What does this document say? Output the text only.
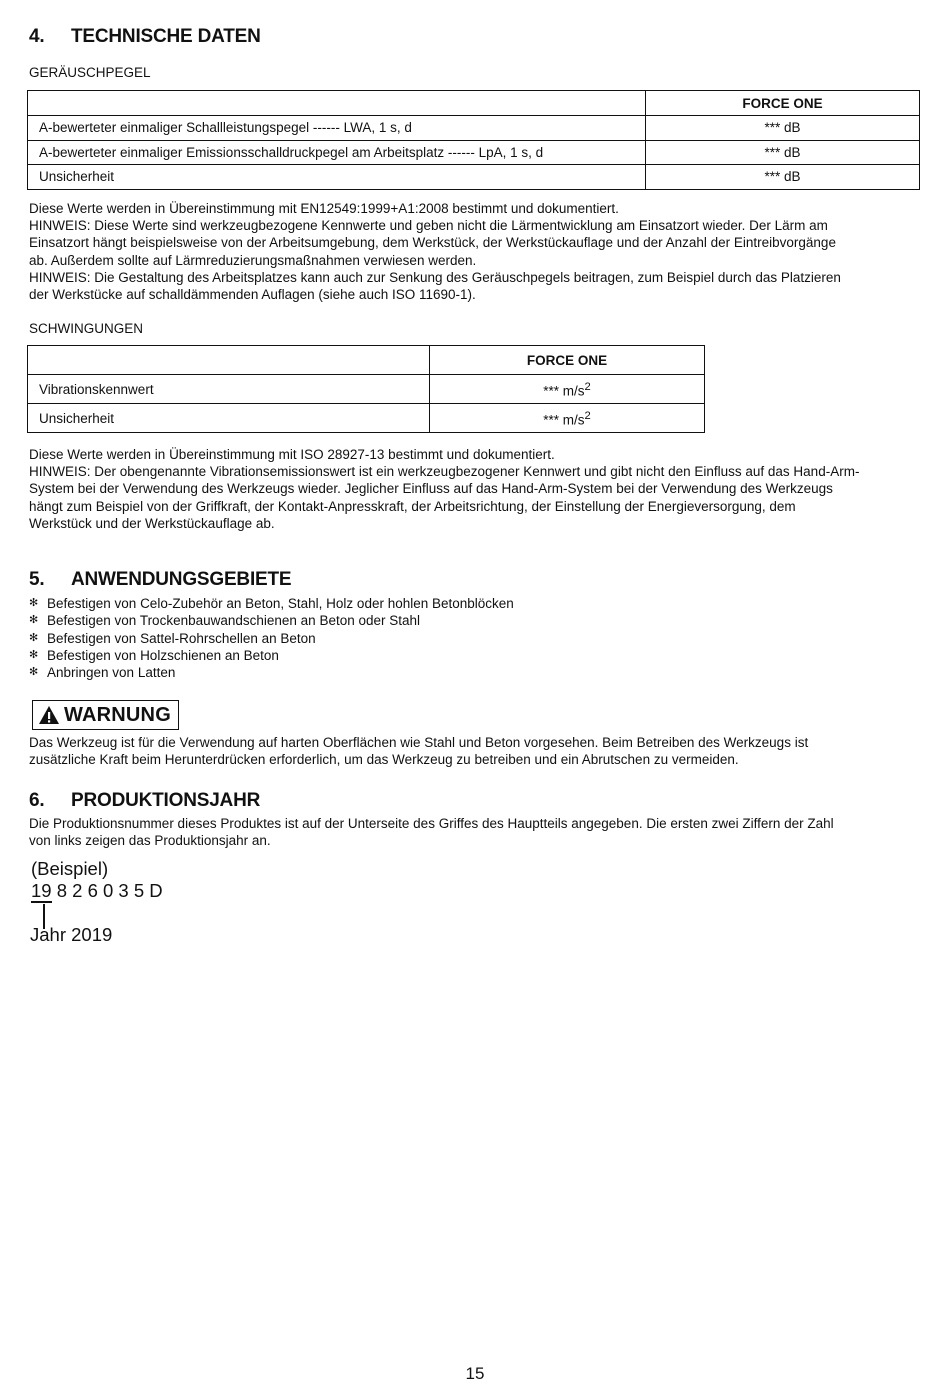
4. TECHNISCHE DATEN
GERÄUSCHPEGEL
	FORCE ONE
A-bewerteter einmaliger Schallleistungspegel ------ LWA, 1 s, d	*** dB
A-bewerteter einmaliger Emissionsschalldruckpegel am Arbeitsplatz ------ LpA, 1 s, d	*** dB
Unsicherheit	*** dB
Diese Werte werden in Übereinstimmung mit EN12549:1999+A1:2008 bestimmt und dokumentiert.
HINWEIS: Diese Werte sind werkzeugbezogene Kennwerte und geben nicht die Lärmentwicklung am Einsatzort wieder. Der Lärm am
Einsatzort hängt beispielsweise von der Arbeitsumgebung, dem Werkstück, der Werkstückauflage und der Anzahl der Eintreibvorgänge
ab. Außerdem sollte auf Lärmreduzierungsmaßnahmen verwiesen werden.
HINWEIS: Die Gestaltung des Arbeitsplatzes kann auch zur Senkung des Geräuschpegels beitragen, zum Beispiel durch das Platzieren
der Werkstücke auf schalldämmenden Auflagen (siehe auch ISO 11690-1).
SCHWINGUNGEN
	FORCE ONE
Vibrationskennwert	*** $m/s^2$
Unsicherheit	*** $m/s^2$
Diese Werte werden in Übereinstimmung mit ISO 28927-13 bestimmt und dokumentiert.
HINWEIS: Der obengenannte Vibrationsemissionswert ist ein werkzeugbezogener Kennwert und gibt nicht den Einfluss auf das Hand-Arm-
System bei der Verwendung des Werkzeugs wieder. Jeglicher Einfluss auf das Hand-Arm-System bei der Verwendung des Werkzeugs
hängt zum Beispiel von der Griffkraft, der Kontakt-Anpresskraft, der Arbeitsrichtung, der Einstellung der Energieversorgung, dem
Werkstück und der Werkstückauflage ab.
5. ANWENDUNGSGEBIETE
✻ Befestigen von Celo-Zubehör an Beton, Stahl, Holz oder hohlen Betonblöcken
✻ Befestigen von Trockenbauwandschienen an Beton oder Stahl
✻ Befestigen von Sattel-Rohrschellen an Beton
✻ Befestigen von Holzschienen an Beton
✻ Anbringen von Latten
WARNUNG
Das Werkzeug ist für die Verwendung auf harten Oberflächen wie Stahl und Beton vorgesehen. Beim Betreiben des Werkzeugs ist
zusätzliche Kraft beim Herunterdrücken erforderlich, um das Werkzeug zu betreiben und ein Abrutschen zu vermeiden.
6. PRODUKTIONSJAHR
Die Produktionsnummer dieses Produktes ist auf der Unterseite des Griffes des Hauptteils angegeben. Die ersten zwei Ziffern der Zahl
von links zeigen das Produktionsjahr an.
(Beispiel)
19 8 2 6 0 3 5 D
Jahr 2019
15
